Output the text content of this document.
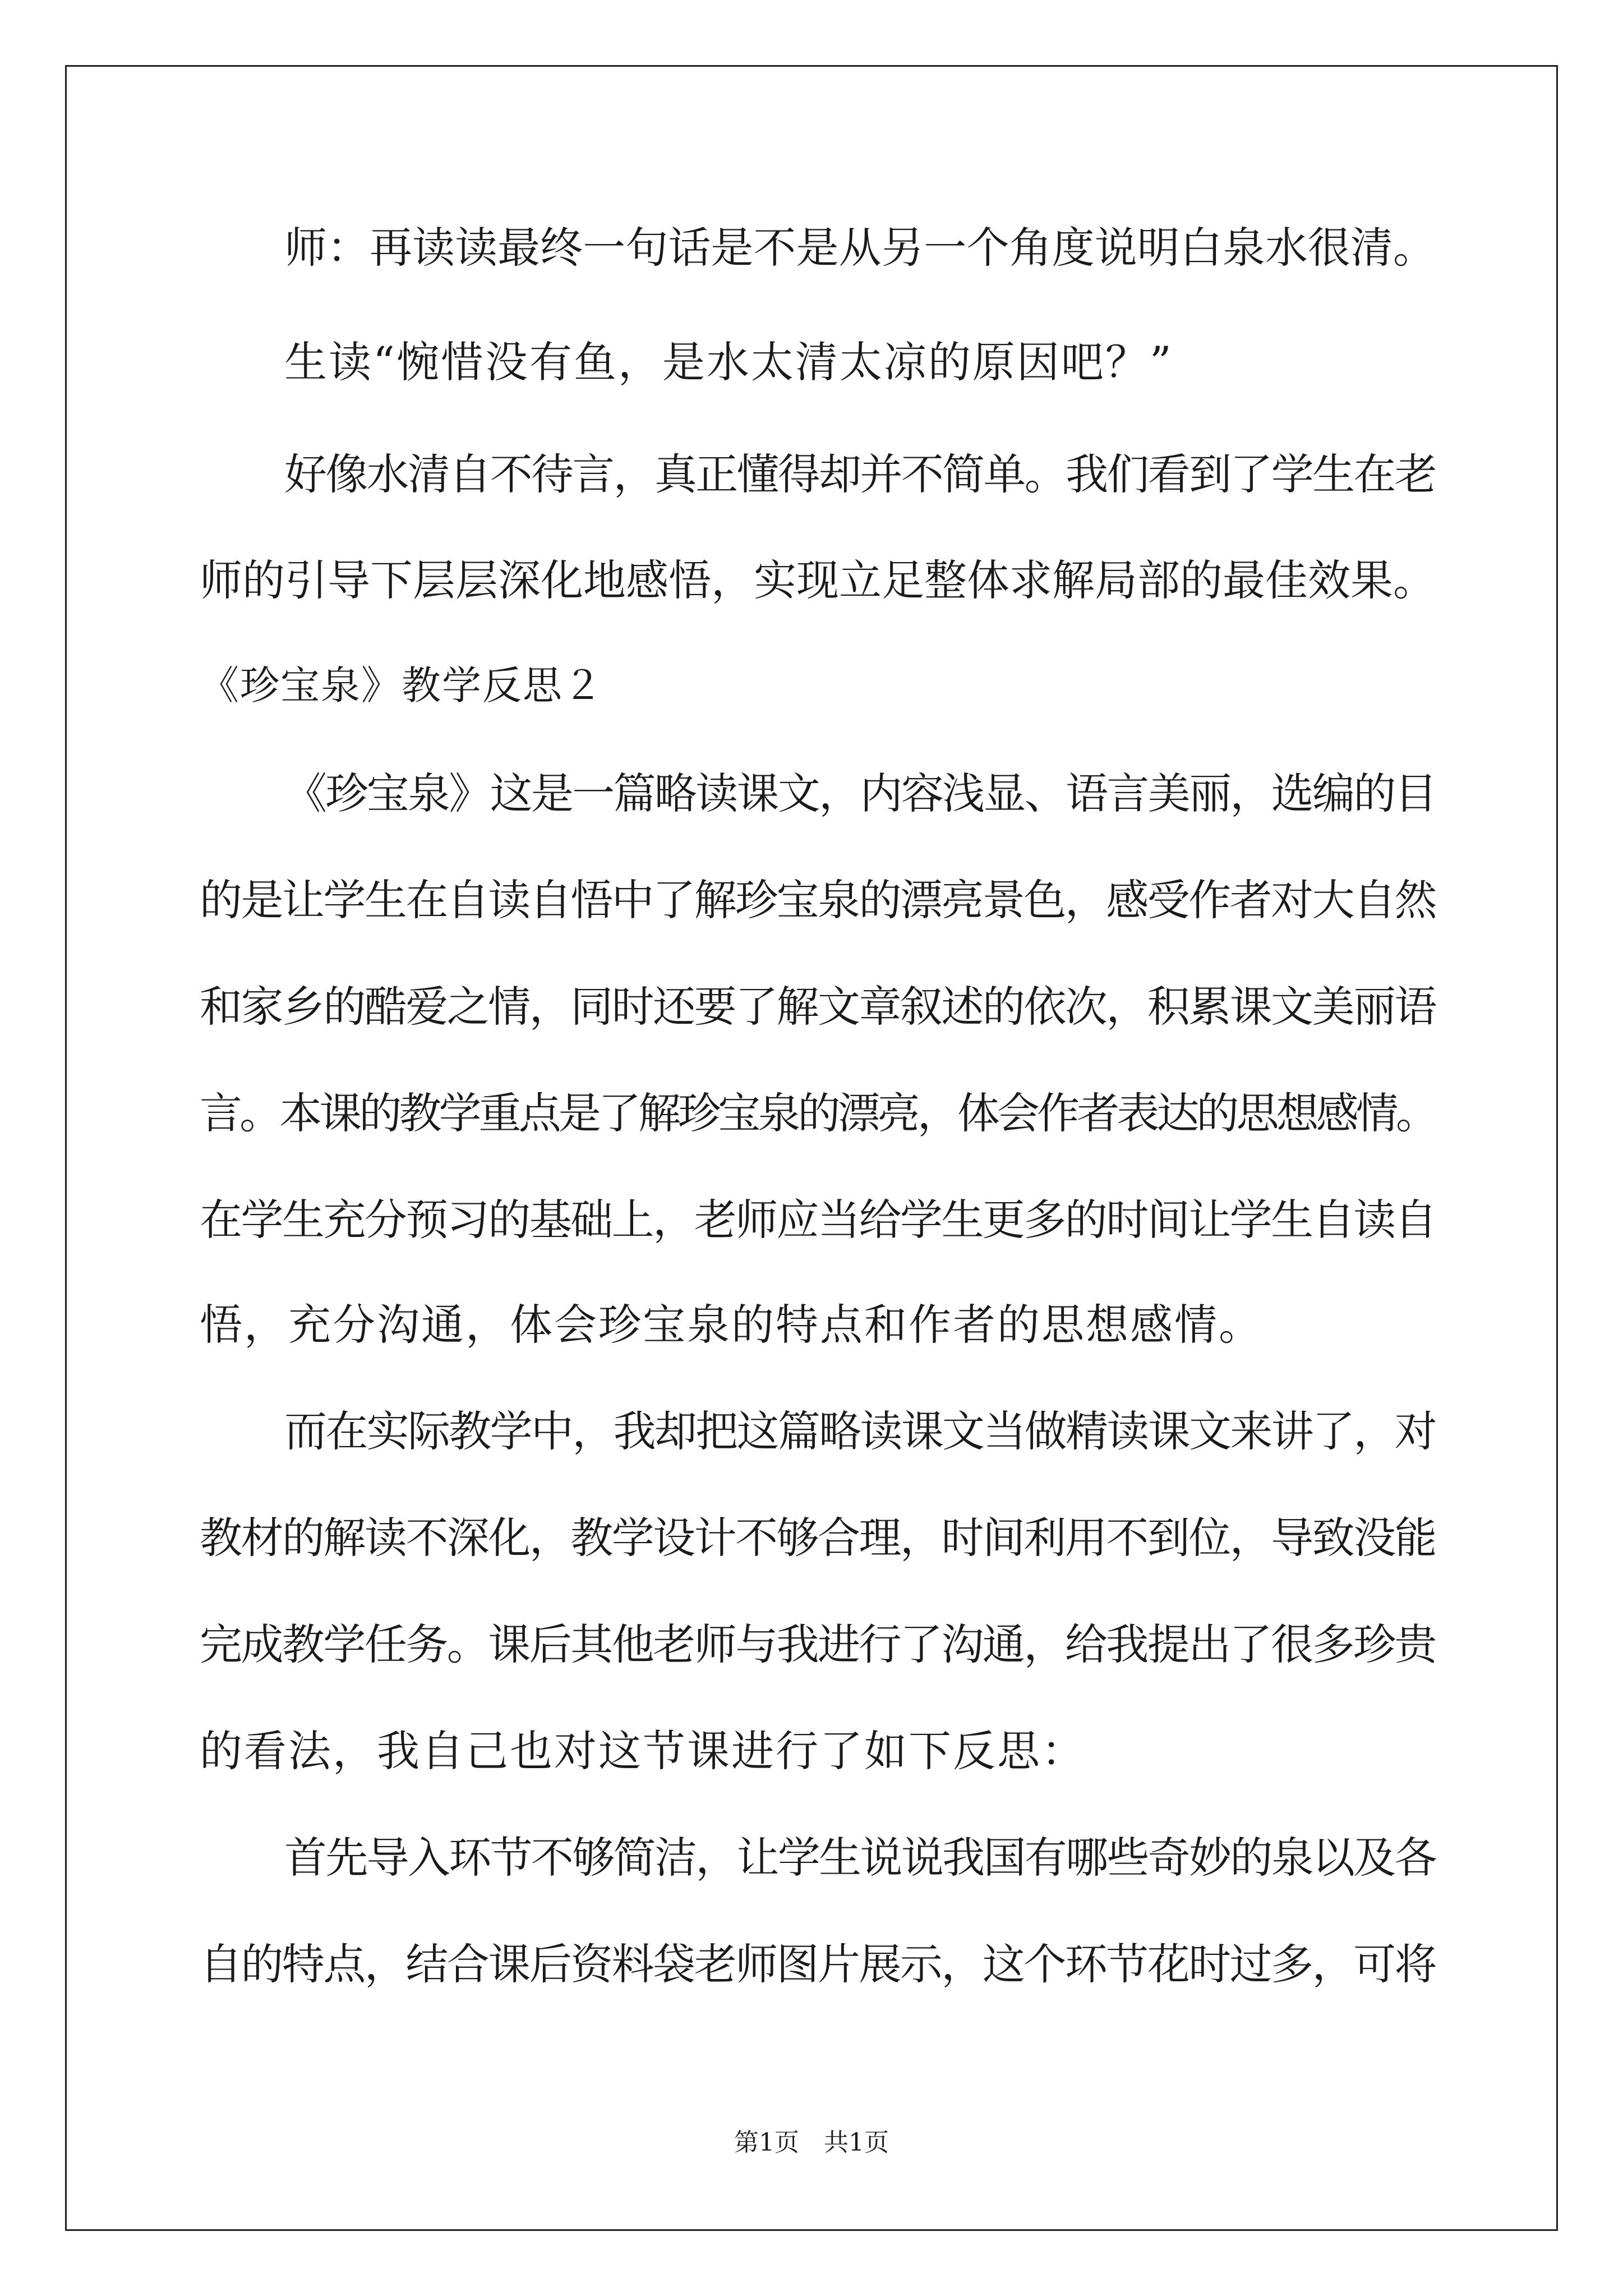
师：再读读最终一句话是不是从另一个角度说明白泉水很清。
生读“惋惜没有鱼，是水太清太凉的原因吧？”
好像水清自不待言，真正懂得却并不简单。我们看到了学生在老
师的引导下层层深化地感悟，实现立足整体求解局部的最佳效果。
《珍宝泉》教学反思２
《珍宝泉》这是一篇略读课文，内容浅显、语言美丽，选编的目
的是让学生在自读自悟中了解珍宝泉的漂亮景色，感受作者对大自然
和家乡的酷爱之情，同时还要了解文章叙述的依次，积累课文美丽语
言。本课的教学重点是了解珍宝泉的漂亮，体会作者表达的思想感情。
在学生充分预习的基础上，老师应当给学生更多的时间让学生自读自
悟，充分沟通，体会珍宝泉的特点和作者的思想感情。
而在实际教学中，我却把这篇略读课文当做精读课文来讲了，对
教材的解读不深化，教学设计不够合理，时间利用不到位，导致没能
完成教学任务。课后其他老师与我进行了沟通，给我提出了很多珍贵
的看法，我自己也对这节课进行了如下反思：
首先导入环节不够简洁，让学生说说我国有哪些奇妙的泉以及各
自的特点，结合课后资料袋老师图片展示，这个环节花时过多，可将
第1页　共1页
